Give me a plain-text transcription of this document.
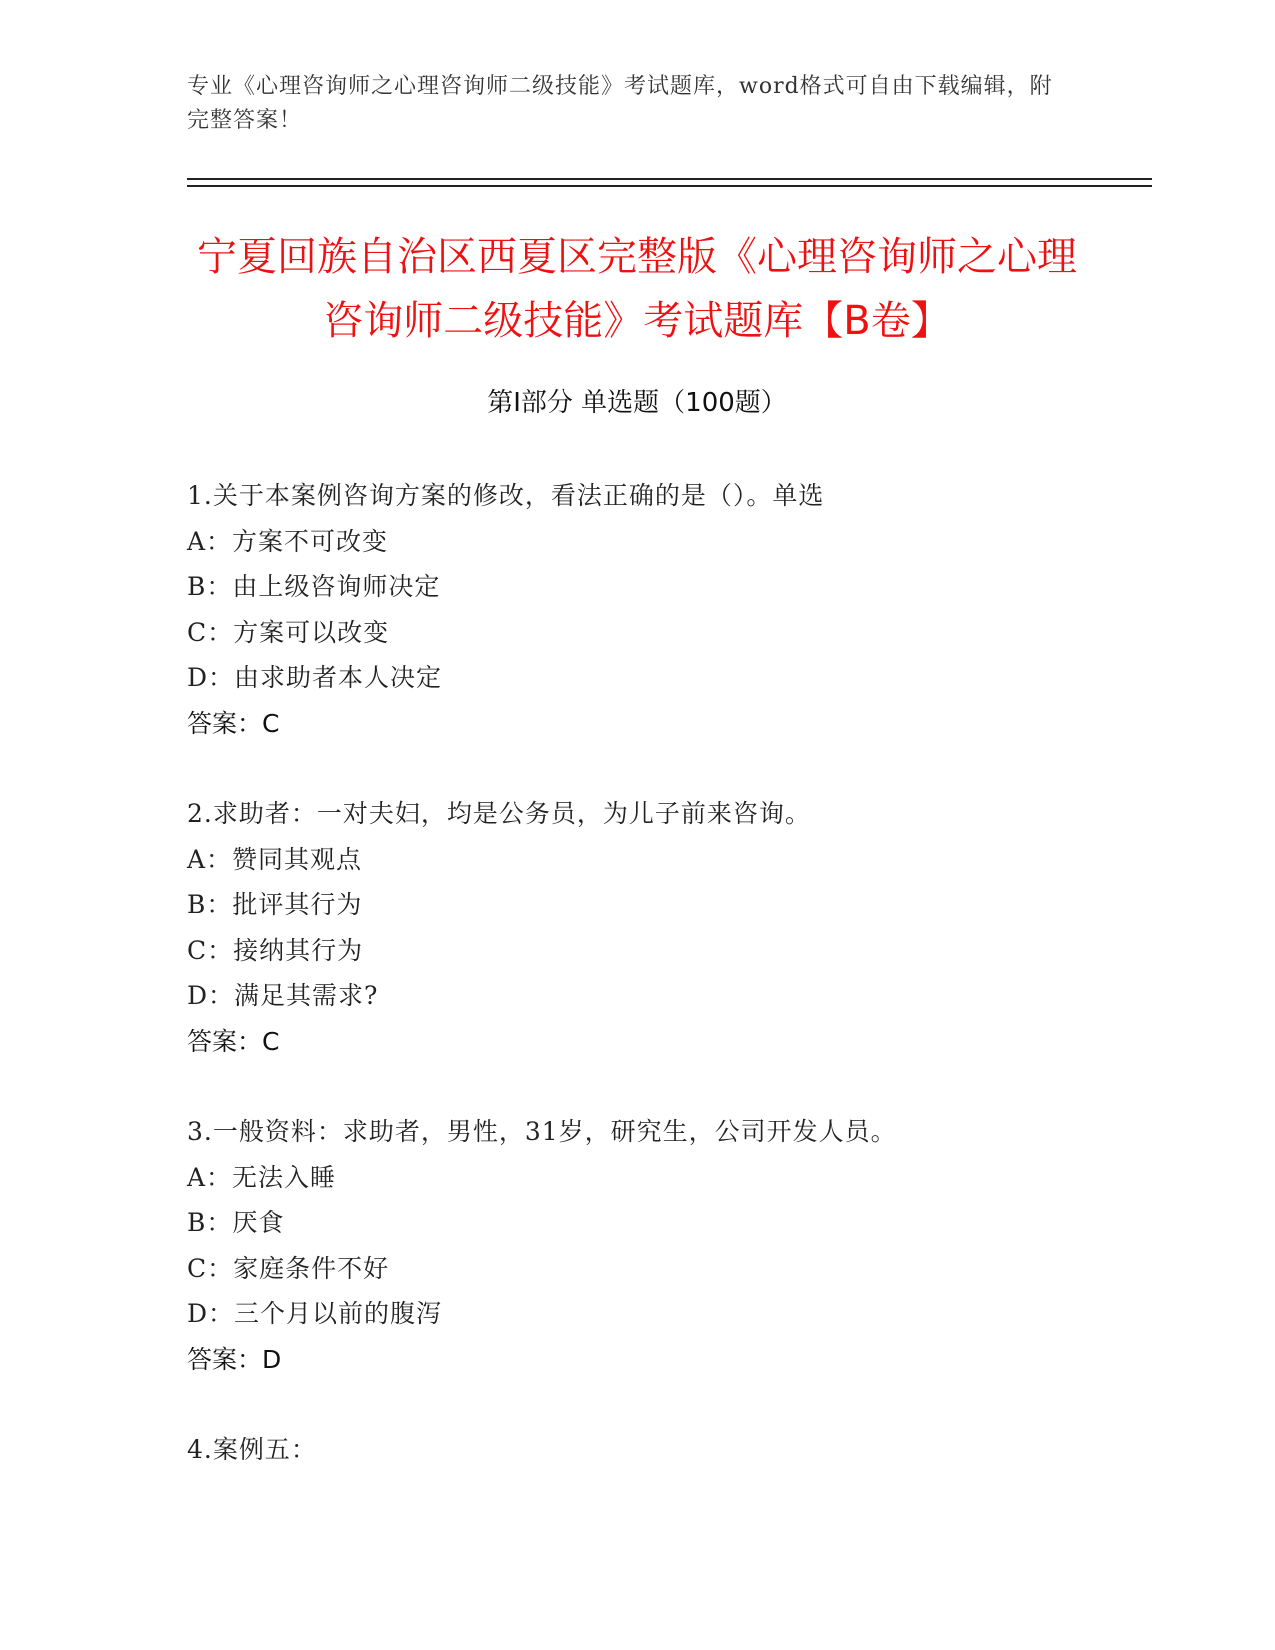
专业《心理咨询师之心理咨询师二级技能》考试题库，word格式可自由下载编辑，附完整答案！
宁夏回族自治区西夏区完整版《心理咨询师之心理咨询师二级技能》考试题库【B卷】
第Ⅰ部分 单选题（100题）
1.关于本案例咨询方案的修改，看法正确的是（）。单选
A：方案不可改变
B：由上级咨询师决定
C：方案可以改变
D：由求助者本人决定
答案：C
2.求助者：一对夫妇，均是公务员，为儿子前来咨询。
A：赞同其观点
B：批评其行为
C：接纳其行为
D：满足其需求?
答案：C
3.一般资料：求助者，男性，31岁，研究生，公司开发人员。
A：无法入睡
B：厌食
C：家庭条件不好
D：三个月以前的腹泻
答案：D
4.案例五：
